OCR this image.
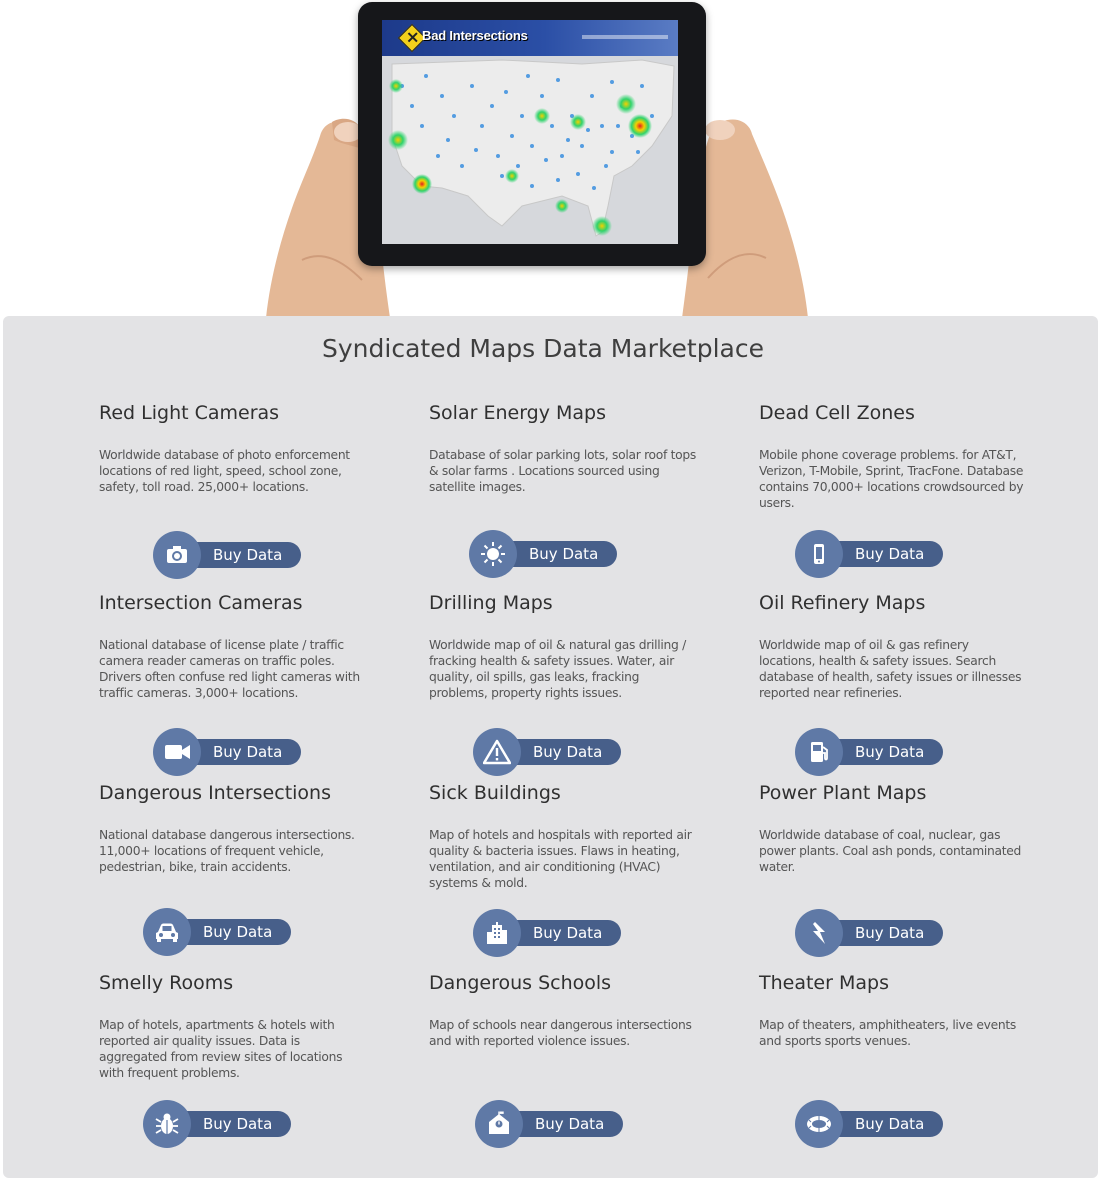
Bad Intersections
Syndicated Maps Data Marketplace
Red Light Cameras
Worldwide database of photo enforcement locations of red light, speed, school zone, safety, toll road. 25,000+ locations.
Buy Data
Solar Energy Maps
Database of solar parking lots, solar roof tops & solar farms . Locations sourced using satellite images.
Buy Data
Dead Cell Zones
Mobile phone coverage problems. for AT&T, Verizon, T-Mobile, Sprint, TracFone. Database contains 70,000+ locations crowdsourced by users.
Buy Data
Intersection Cameras
National database of license plate / traffic camera reader cameras on traffic poles. Drivers often confuse red light cameras with traffic cameras. 3,000+ locations.
Buy Data
Drilling Maps
Worldwide map of oil & natural gas drilling / fracking health & safety issues. Water, air quality, oil spills, gas leaks, fracking problems, property rights issues.
Buy Data
Oil Refinery Maps
Worldwide map of oil & gas refinery locations, health & safety issues. Search database of health, safety issues or illnesses reported near refineries.
Buy Data
Dangerous Intersections
National database dangerous intersections. 11,000+ locations of frequent vehicle, pedestrian, bike, train accidents.
Buy Data
Sick Buildings
Map of hotels and hospitals with reported air quality & bacteria issues. Flaws in heating, ventilation, and air conditioning (HVAC) systems & mold.
Buy Data
Power Plant Maps
Worldwide database of coal, nuclear, gas power plants. Coal ash ponds, contaminated water.
Buy Data
Smelly Rooms
Map of hotels, apartments & hotels with reported air quality issues. Data is aggregated from review sites of locations with frequent problems.
Buy Data
Dangerous Schools
Map of schools near dangerous intersections and with reported violence issues.
Buy Data
Theater Maps
Map of theaters, amphitheaters, live events and sports sports venues.
Buy Data
